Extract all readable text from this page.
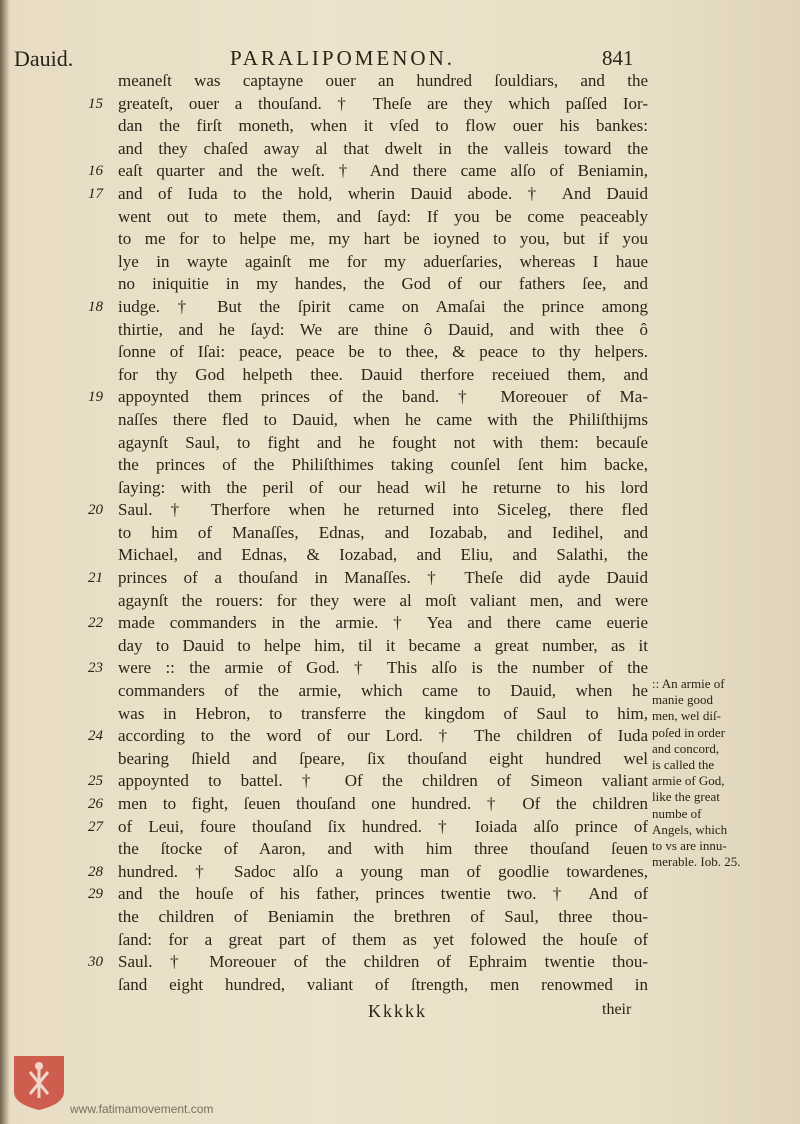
Dauid.	PARALIPOMENON.	841
meaneſt was captayne ouer an hundred ſouldiars, and the
15 greateſt, ouer a thouſand. † Theſe are they which paſſed Ior-
dan the firſt moneth, when it vſed to flow ouer his bankes:
and they chaſed away al that dwelt in the valleis toward the
16 eaſt quarter and the weſt. † And there came alſo of Beniamin,
17 and of Iuda to the hold, wherin Dauid abode. † And Dauid
went out to mete them, and ſayd: If you be come peaceably
to me for to helpe me, my hart be ioyned to you, but if you
lye in wayte againſt me for my aduerſaries, whereas I haue
no iniquitie in my handes, the God of our fathers ſee, and
18 iudge. † But the ſpirit came on Amaſai the prince among
thirtie, and he ſayd: We are thine ô Dauid, and with thee ô
ſonne of Iſai: peace, peace be to thee, & peace to thy helpers.
for thy God helpeth thee. Dauid therfore receiued them, and
19 appoynted them princes of the band. † Moreouer of Ma-
naſſes there fled to Dauid, when he came with the Philiſthijms
agaynſt Saul, to fight and he fought not with them: becauſe
the princes of the Philiſthimes taking counſel ſent him backe,
ſaying: with the peril of our head wil he returne to his lord
20 Saul. † Therfore when he returned into Siceleg, there fled
to him of Manaſſes, Ednas, and Iozabab, and Iedihel, and
Michael, and Ednas, & Iozabad, and Eliu, and Salathi, the
21 princes of a thouſand in Manaſſes. † Theſe did ayde Dauid
agaynſt the rouers: for they were al moſt valiant men, and were
22 made commanders in the armie. † Yea and there came euerie
day to Dauid to helpe him, til it became a great number, as it
23 were :: the armie of God. † This alſo is the number of the
commanders of the armie, which came to Dauid, when he
was in Hebron, to transferre the kingdom of Saul to him,
24 according to the word of our Lord. † The children of Iuda
bearing ſhield and ſpeare, ſix thouſand eight hundred wel
25 appoynted to battel. † Of the children of Simeon valiant
26 men to fight, ſeuen thouſand one hundred. † Of the children
27 of Leui, foure thouſand ſix hundred. † Ioiada alſo prince of
the ſtocke of Aaron, and with him three thouſand ſeuen
28 hundred. † Sadoc alſo a young man of goodlie towardenes,
29 and the houſe of his father, princes twentie two. † And of
the children of Beniamin the brethren of Saul, three thou-
ſand: for a great part of them as yet folowed the houſe of
30 Saul. † Moreouer of the children of Ephraim twentie thou-
ſand eight hundred, valiant of ſtrength, men renowmed in
:: An armie of
manie good
men, wel diſ-
poſed in order
and concord,
is called the
armie of God,
like the great
numbe of
Angels, which
to vs are innu-
merable. Iob. 25.
Kkkkk	their
www.fatimamovement.com
